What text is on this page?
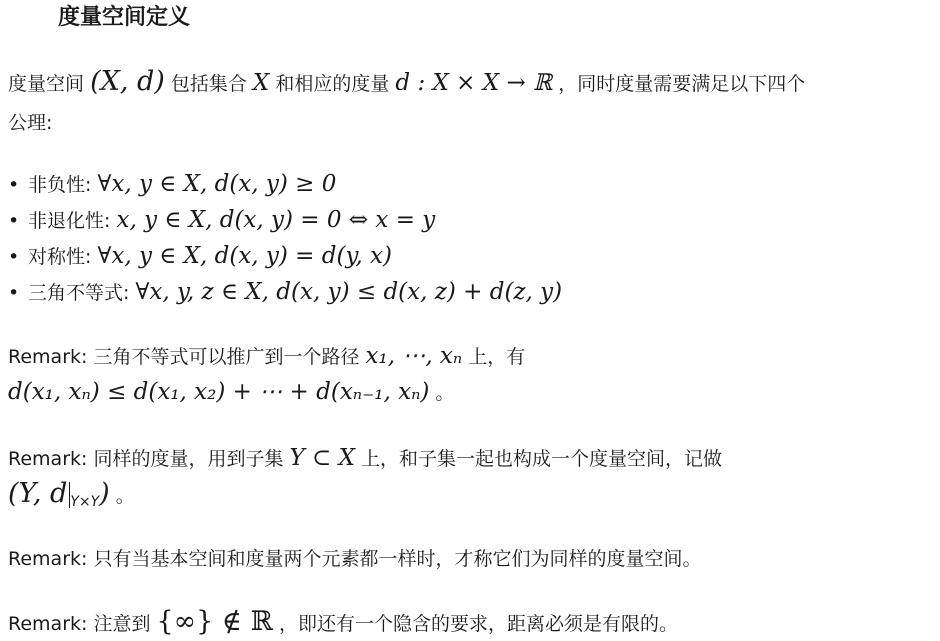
度量空间定义
度量空间 (X, d) 包括集合 X 和相应的度量 d : X × X → ℝ ，同时度量需要满足以下四个
公理:
• 非负性: ∀x, y ∈ X, d(x, y) ≥ 0
• 非退化性: x, y ∈ X, d(x, y) = 0 ⇔ x = y
• 对称性: ∀x, y ∈ X, d(x, y) = d(y, x)
• 三角不等式: ∀x, y, z ∈ X, d(x, y) ≤ d(x, z) + d(z, y)
Remark: 三角不等式可以推广到一个路径 x₁, ⋯, xₙ 上，有
d(x₁, xₙ) ≤ d(x₁, x₂) + ⋯ + d(xₙ₋₁, xₙ) 。
Remark: 同样的度量，用到子集 Y ⊂ X 上，和子集一起也构成一个度量空间，记做
(Y, d $_{Y\times Y}$) 。
Remark: 只有当基本空间和度量两个元素都一样时，才称它们为同样的度量空间。
Remark: 注意到 {∞} ∉ ℝ ，即还有一个隐含的要求，距离必须是有限的。
